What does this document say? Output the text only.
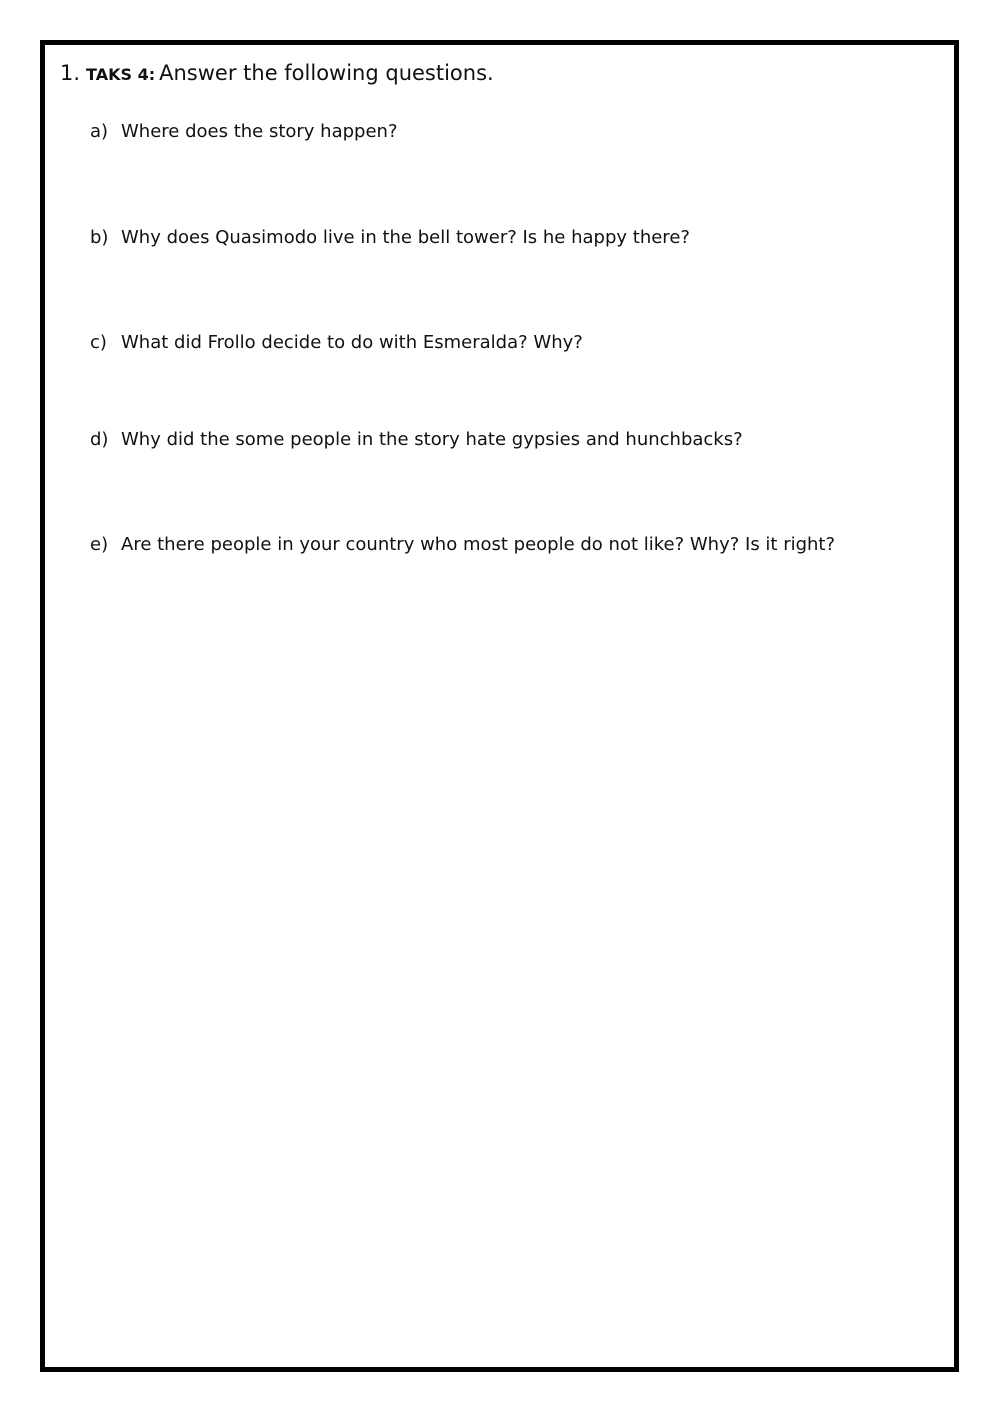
1. TAKS 4: Answer the following questions.
a) Where does the story happen?
b) Why does Quasimodo live in the bell tower? Is he happy there?
c) What did Frollo decide to do with Esmeralda? Why?
d) Why did the some people in the story hate gypsies and hunchbacks?
e) Are there people in your country who most people do not like? Why? Is it right?
